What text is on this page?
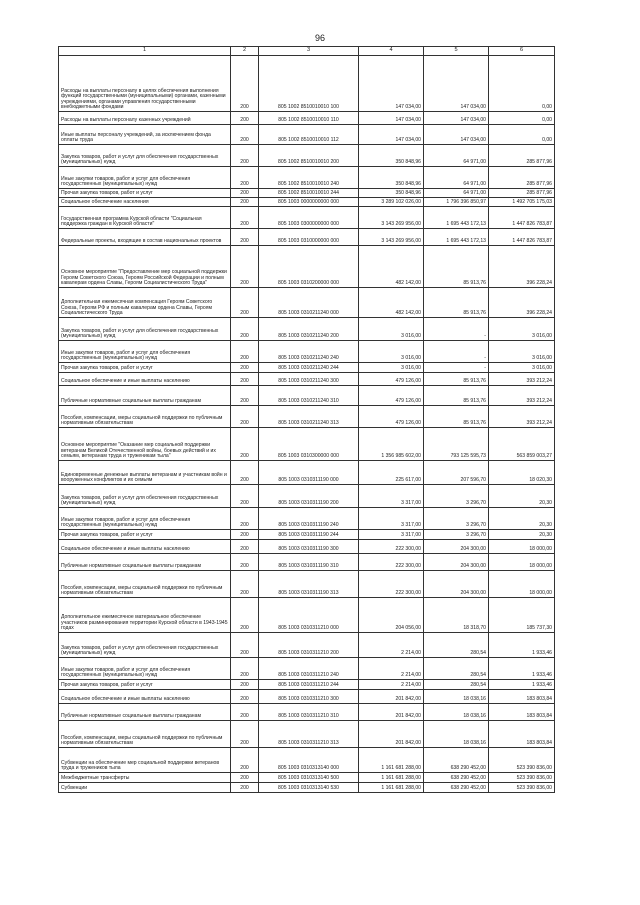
96
1	2	3	4	5	6
Расходы на выплаты персоналу в целях обеспечения выполнения функций государственными (муниципальными) органами, казенными учреждениями, органами управления государственными внебюджетными фондами	200	805 1002 8510010010 100	147 034,00	147 034,00	0,00
Расходы на выплаты персоналу казенных учреждений	200	805 1002 8510010010 110	147 034,00	147 034,00	0,00
Иные выплаты персоналу учреждений, за исключением фонда оплаты труда	200	805 1002 8510010010 112	147 034,00	147 034,00	0,00
Закупка товаров, работ и услуг для обеспечения государственных (муниципальных) нужд	200	805 1002 8510010010 200	350 848,96	64 971,00	285 877,96
Иные закупки товаров, работ и услуг для обеспечения государственных (муниципальных) нужд	200	805 1002 8510010010 240	350 848,96	64 971,00	285 877,96
Прочая закупка товаров, работ и услуг	200	805 1002 8510010010 244	350 848,96	64 971,00	285 877,96
Социальное обеспечение населения	200	805 1003 0000000000 000	3 289 102 026,00	1 796 396 850,97	1 492 705 175,03
Государственная программа Курской области "Социальная поддержка граждан в Курской области"	200	805 1003 0300000000 000	3 143 269 956,00	1 695 443 172,13	1 447 826 783,87
Федеральные проекты, входящие в состав национальных проектов	200	805 1003 0310000000 000	3 143 269 956,00	1 695 443 172,13	1 447 826 783,87
Основное мероприятие "Предоставление мер социальной поддержки Героям Советского Союза, Героям Российской Федерации и полным кавалерам ордена Славы, Героям Социалистического Труда"	200	805 1003 0310200000 000	482 142,00	85 913,76	396 228,24
Дополнительная ежемесячная компенсация Героям Советского Союза, Героям РФ и полным кавалерам ордена Славы, Героям Социалистического Труда	200	805 1003 0310211240 000	482 142,00	85 913,76	396 228,24
Закупка товаров, работ и услуг для обеспечения государственных (муниципальных) нужд	200	805 1003 0310211240 200	3 016,00	-	3 016,00
Иные закупки товаров, работ и услуг для обеспечения государственных (муниципальных) нужд	200	805 1003 0310211240 240	3 016,00	-	3 016,00
Прочая закупка товаров, работ и услуг	200	805 1003 0310211240 244	3 016,00	-	3 016,00
Социальное обеспечение и иные выплаты населению	200	805 1003 0310211240 300	479 126,00	85 913,76	393 212,24
Публичные нормативные социальные выплаты гражданам	200	805 1003 0310211240 310	479 126,00	85 913,76	393 212,24
Пособия, компенсации, меры социальной поддержки по публичным нормативным обязательствам	200	805 1003 0310211240 313	479 126,00	85 913,76	393 212,24
Основное мероприятие "Оказание мер социальной поддержки ветеранам Великой Отечественной войны, боевых действий и их семьям, ветеранам труда и труженикам тыла"	200	805 1003 0310300000 000	1 356 985 602,00	793 125 595,73	563 859 003,27
Единовременные денежные выплаты ветеранам и участникам войн и вооруженных конфликтов и их семьям	200	805 1003 0310311190 000	225 617,00	207 596,70	18 020,30
Закупка товаров, работ и услуг для обеспечения государственных (муниципальных) нужд	200	805 1003 0310311190 200	3 317,00	3 296,70	20,30
Иные закупки товаров, работ и услуг для обеспечения государственных (муниципальных) нужд	200	805 1003 0310311190 240	3 317,00	3 296,70	20,30
Прочая закупка товаров, работ и услуг	200	805 1003 0310311190 244	3 317,00	3 296,70	20,30
Социальное обеспечение и иные выплаты населению	200	805 1003 0310311190 300	222 300,00	204 300,00	18 000,00
Публичные нормативные социальные выплаты гражданам	200	805 1003 0310311190 310	222 300,00	204 300,00	18 000,00
Пособия, компенсации, меры социальной поддержки по публичным нормативным обязательствам	200	805 1003 0310311190 313	222 300,00	204 300,00	18 000,00
Дополнительное ежемесячное материальное обеспечение участников разминирования территории Курской области в 1943-1945 годах	200	805 1003 0310311210 000	204 056,00	18 318,70	185 737,30
Закупка товаров, работ и услуг для обеспечения государственных (муниципальных) нужд	200	805 1003 0310311210 200	2 214,00	280,54	1 933,46
Иные закупки товаров, работ и услуг для обеспечения государственных (муниципальных) нужд	200	805 1003 0310311210 240	2 214,00	280,54	1 933,46
Прочая закупка товаров, работ и услуг	200	805 1003 0310311210 244	2 214,00	280,54	1 933,46
Социальное обеспечение и иные выплаты населению	200	805 1003 0310311210 300	201 842,00	18 038,16	183 803,84
Публичные нормативные социальные выплаты гражданам	200	805 1003 0310311210 310	201 842,00	18 038,16	183 803,84
Пособия, компенсации, меры социальной поддержки по публичным нормативным обязательствам	200	805 1003 0310311210 313	201 842,00	18 038,16	183 803,84
Субвенции на обеспечение мер социальной поддержки ветеранов труда и тружеников тыла	200	805 1003 0310313140 000	1 161 681 288,00	638 290 452,00	523 390 836,00
Межбюджетные трансферты	200	805 1003 0310313140 500	1 161 681 288,00	638 290 452,00	523 390 836,00
Субвенции	200	805 1003 0310313140 530	1 161 681 288,00	638 290 452,00	523 390 836,00
